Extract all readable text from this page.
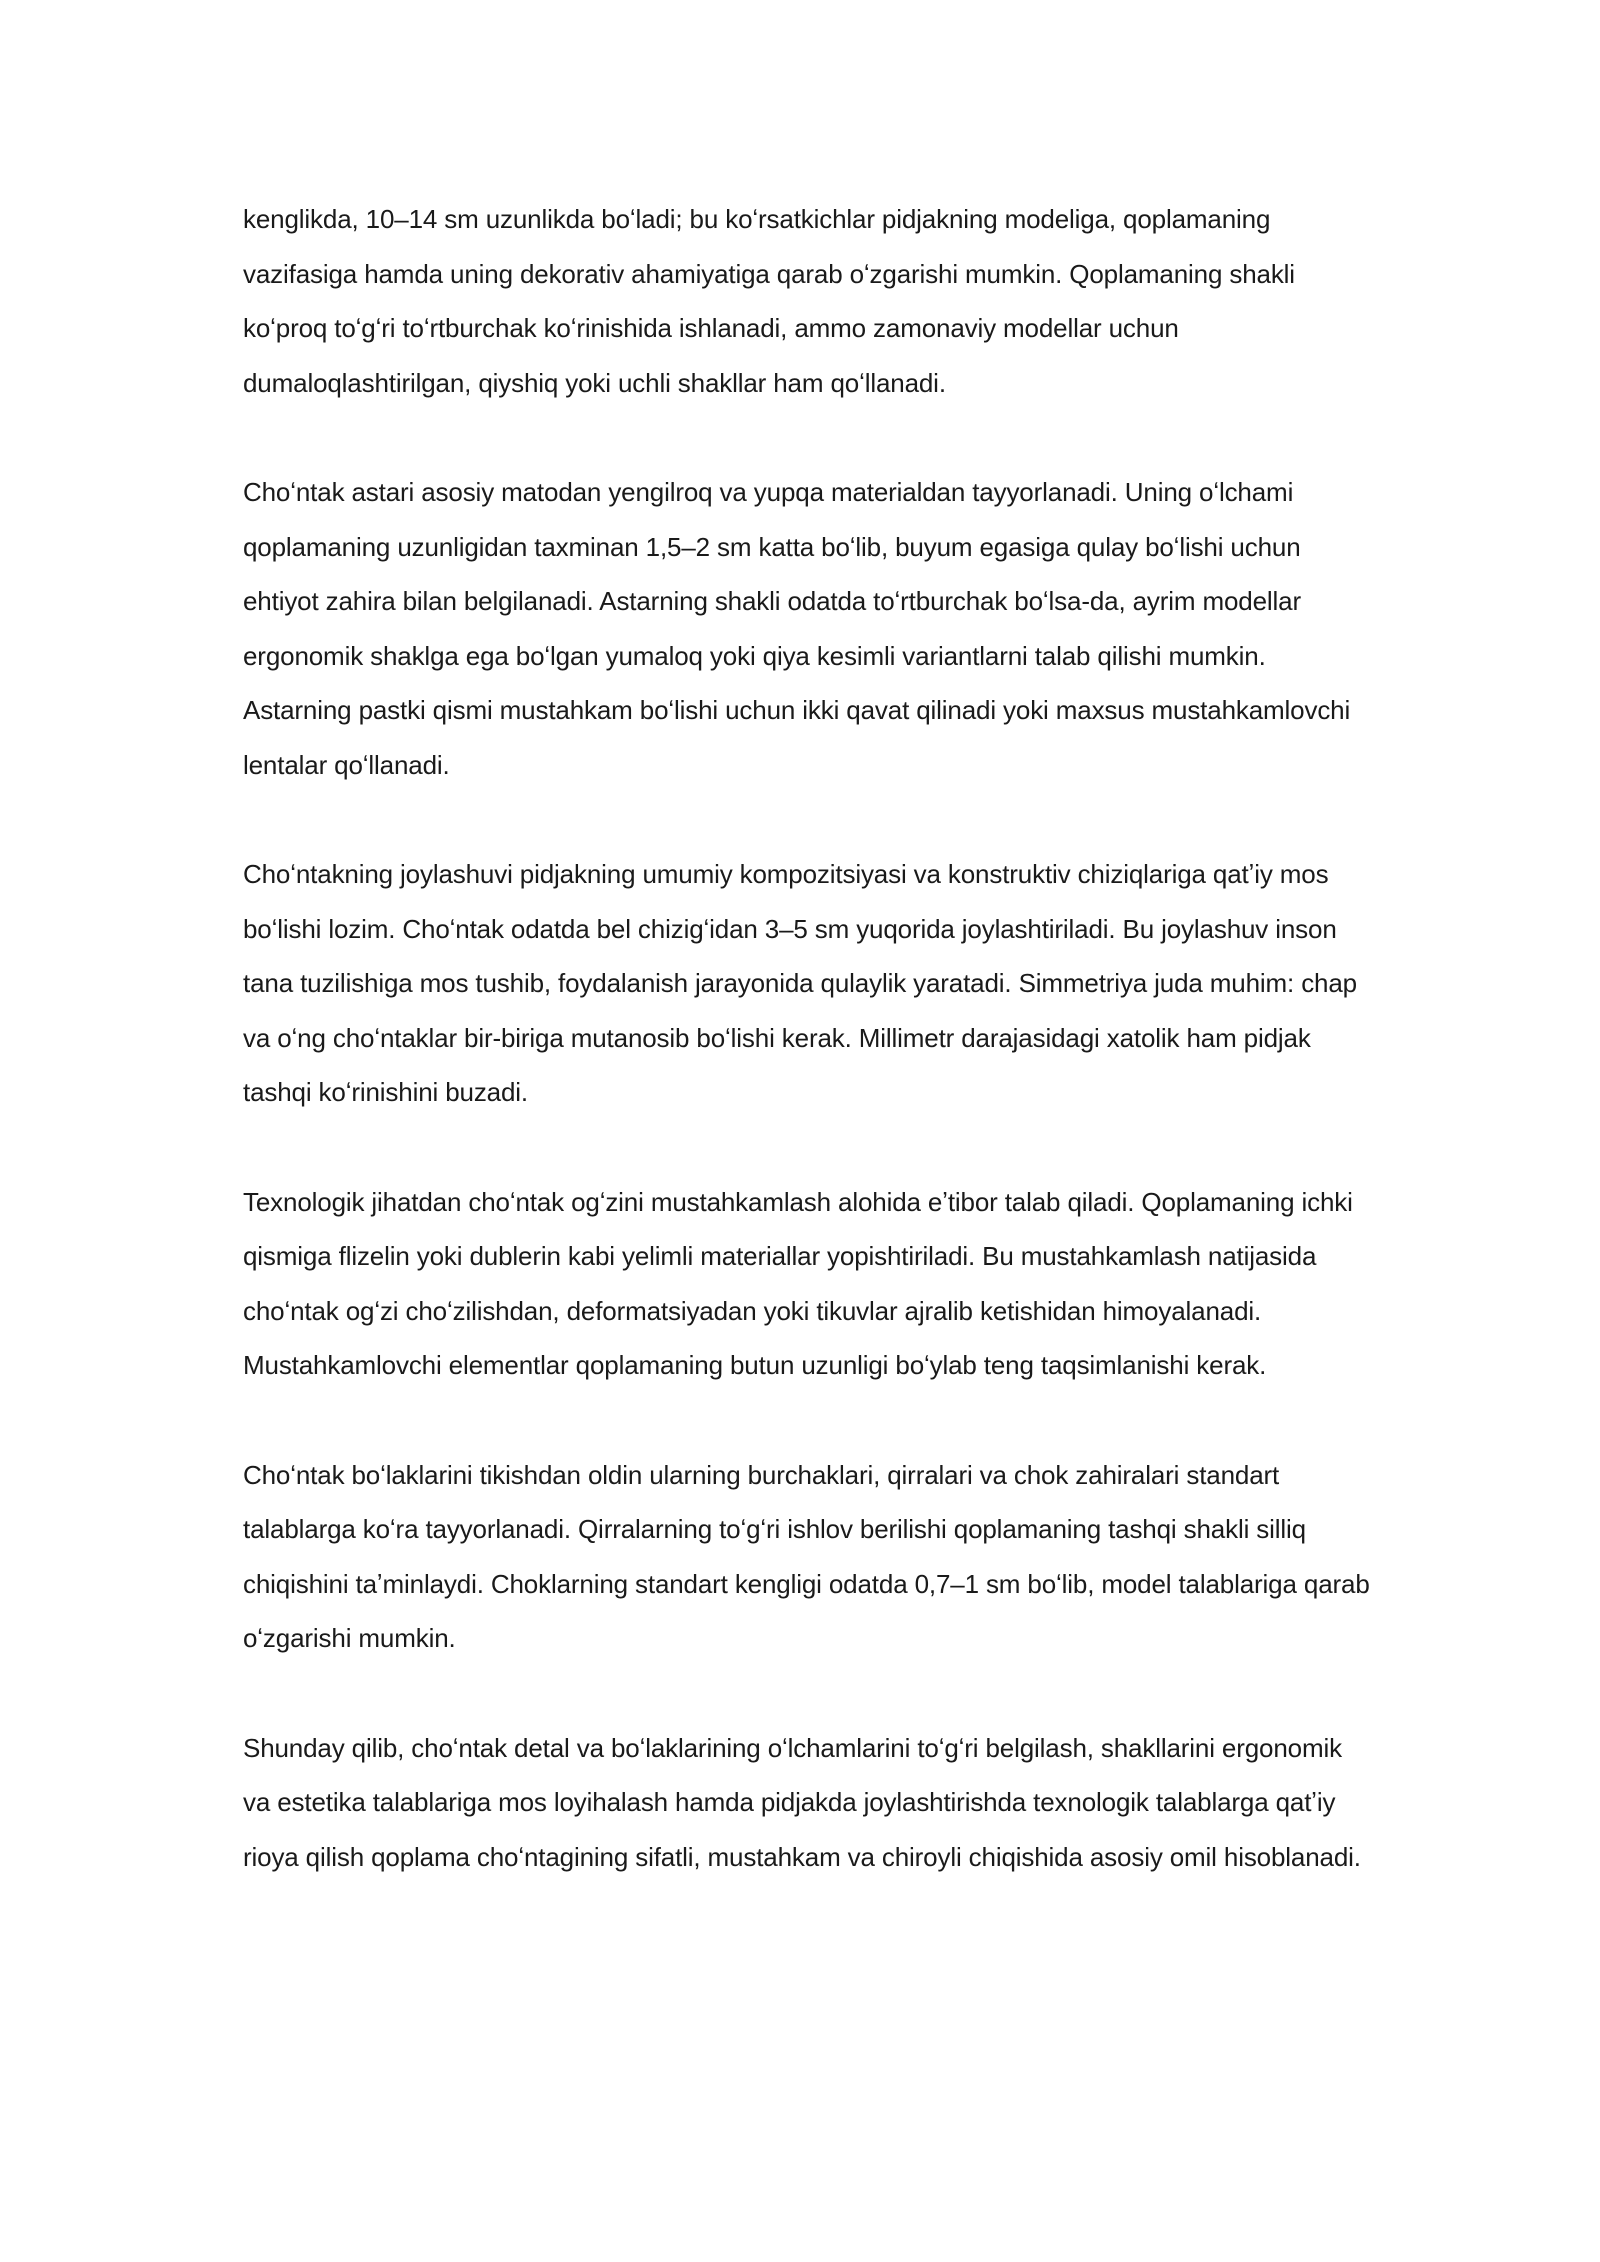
kenglikda, 10–14 sm uzunlikda boʻladi; bu koʻrsatkichlar pidjakning modeliga, qoplamaning vazifasiga hamda uning dekorativ ahamiyatiga qarab oʻzgarishi mumkin. Qoplamaning shakli koʻproq toʻgʻri toʻrtburchak koʻrinishida ishlanadi, ammo zamonaviy modellar uchun dumaloqlashtirilgan, qiyshiq yoki uchli shakllar ham qoʻllanadi.

Choʻntak astari asosiy matodan yengilroq va yupqa materialdan tayyorlanadi. Uning oʻlchami qoplamaning uzunligidan taxminan 1,5–2 sm katta boʻlib, buyum egasiga qulay boʻlishi uchun ehtiyot zahira bilan belgilanadi. Astarning shakli odatda toʻrtburchak boʻlsa-da, ayrim modellar ergonomik shaklga ega boʻlgan yumaloq yoki qiya kesimli variantlarni talab qilishi mumkin. Astarning pastki qismi mustahkam boʻlishi uchun ikki qavat qilinadi yoki maxsus mustahkamlovchi lentalar qoʻllanadi.

Choʻntakning joylashuvi pidjakning umumiy kompozitsiyasi va konstruktiv chiziqlariga qatʼiy mos boʻlishi lozim. Choʻntak odatda bel chizigʻidan 3–5 sm yuqorida joylashtiriladi. Bu joylashuv inson tana tuzilishiga mos tushib, foydalanish jarayonida qulaylik yaratadi. Simmetriya juda muhim: chap va oʻng choʻntaklar bir-biriga mutanosib boʻlishi kerak. Millimetr darajasidagi xatolik ham pidjak tashqi koʻrinishini buzadi.

Texnologik jihatdan choʻntak ogʻzini mustahkamlash alohida eʼtibor talab qiladi. Qoplamaning ichki qismiga flizelin yoki dublerin kabi yelimli materiallar yopishtiriladi. Bu mustahkamlash natijasida choʻntak ogʻzi choʻzilishdan, deformatsiyadan yoki tikuvlar ajralib ketishidan himoyalanadi. Mustahkamlovchi elementlar qoplamaning butun uzunligi boʻylab teng taqsimlanishi kerak.

Choʻntak boʻlaklarini tikishdan oldin ularning burchaklari, qirralari va chok zahiralari standart talablarga koʻra tayyorlanadi. Qirralarning toʻgʻri ishlov berilishi qoplamaning tashqi shakli silliq chiqishini taʼminlaydi. Choklarning standart kengligi odatda 0,7–1 sm boʻlib, model talablariga qarab oʻzgarishi mumkin.

Shunday qilib, choʻntak detal va boʻlaklarining oʻlchamlarini toʻgʻri belgilash, shakllarini ergonomik va estetika talablariga mos loyihalash hamda pidjakda joylashtirishda texnologik talablarga qatʼiy rioya qilish qoplama choʻntagining sifatli, mustahkam va chiroyli chiqishida asosiy omil hisoblanadi.
